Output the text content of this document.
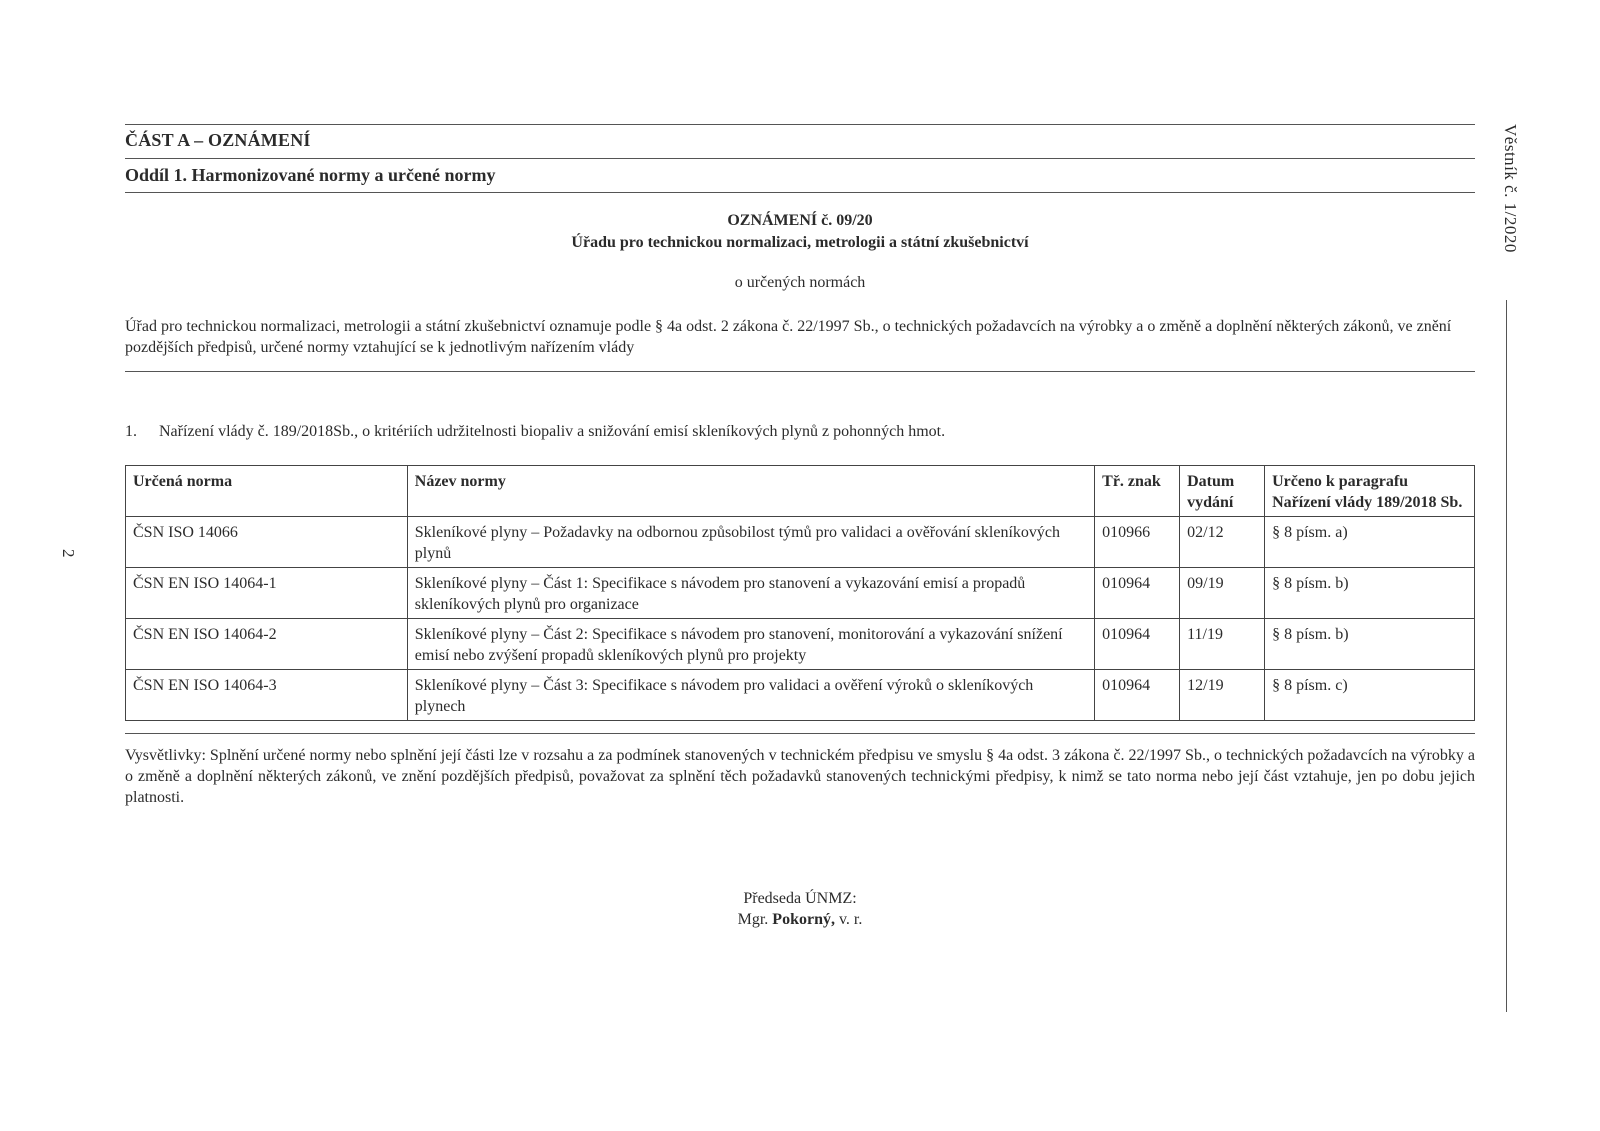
ČÁST A – OZNÁMENÍ
Oddíl 1. Harmonizované normy a určené normy
OZNÁMENÍ č. 09/20
Úřadu pro technickou normalizaci, metrologii a státní zkušebnictví
o určených normách
Úřad pro technickou normalizaci, metrologii a státní zkušebnictví oznamuje podle § 4a odst. 2 zákona č. 22/1997 Sb., o technických požadavcích na výrobky a o změně a doplnění některých zákonů, ve znění pozdějších předpisů, určené normy vztahující se k jednotlivým nařízením vlády
1. Nařízení vlády č. 189/2018Sb., o kritériích udržitelnosti biopaliv a snižování emisí skleníkových plynů z pohonných hmot.
Určená norma	Název normy	Tř. znak	Datum vydání	Určeno k paragrafu Nařízení vlády 189/2018 Sb.
ČSN ISO 14066	Skleníkové plyny – Požadavky na odbornou způsobilost týmů pro validaci a ověřování skleníkových plynů	010966	02/12	§ 8 písm. a)
ČSN EN ISO 14064-1	Skleníkové plyny – Část 1: Specifikace s návodem pro stanovení a vykazování emisí a propadů skleníkových plynů pro organizace	010964	09/19	§ 8 písm. b)
ČSN EN ISO 14064-2	Skleníkové plyny – Část 2: Specifikace s návodem pro stanovení, monitorování a vykazování snížení emisí nebo zvýšení propadů skleníkových plynů pro projekty	010964	11/19	§ 8 písm. b)
ČSN EN ISO 14064-3	Skleníkové plyny – Část 3: Specifikace s návodem pro validaci a ověření výroků o skleníkových plynech	010964	12/19	§ 8 písm. c)
Vysvětlivky: Splnění určené normy nebo splnění její části lze v rozsahu a za podmínek stanovených v technickém předpisu ve smyslu § 4a odst. 3 zákona č. 22/1997 Sb., o technických požadavcích na výrobky a o změně a doplnění některých zákonů, ve znění pozdějších předpisů, považovat za splnění těch požadavků stanovených technickými předpisy, k nimž se tato norma nebo její část vztahuje, jen po dobu jejich platnosti.
Předseda ÚNMZ:
Mgr. Pokorný, v. r.
Věstník č. 1/2020
2
